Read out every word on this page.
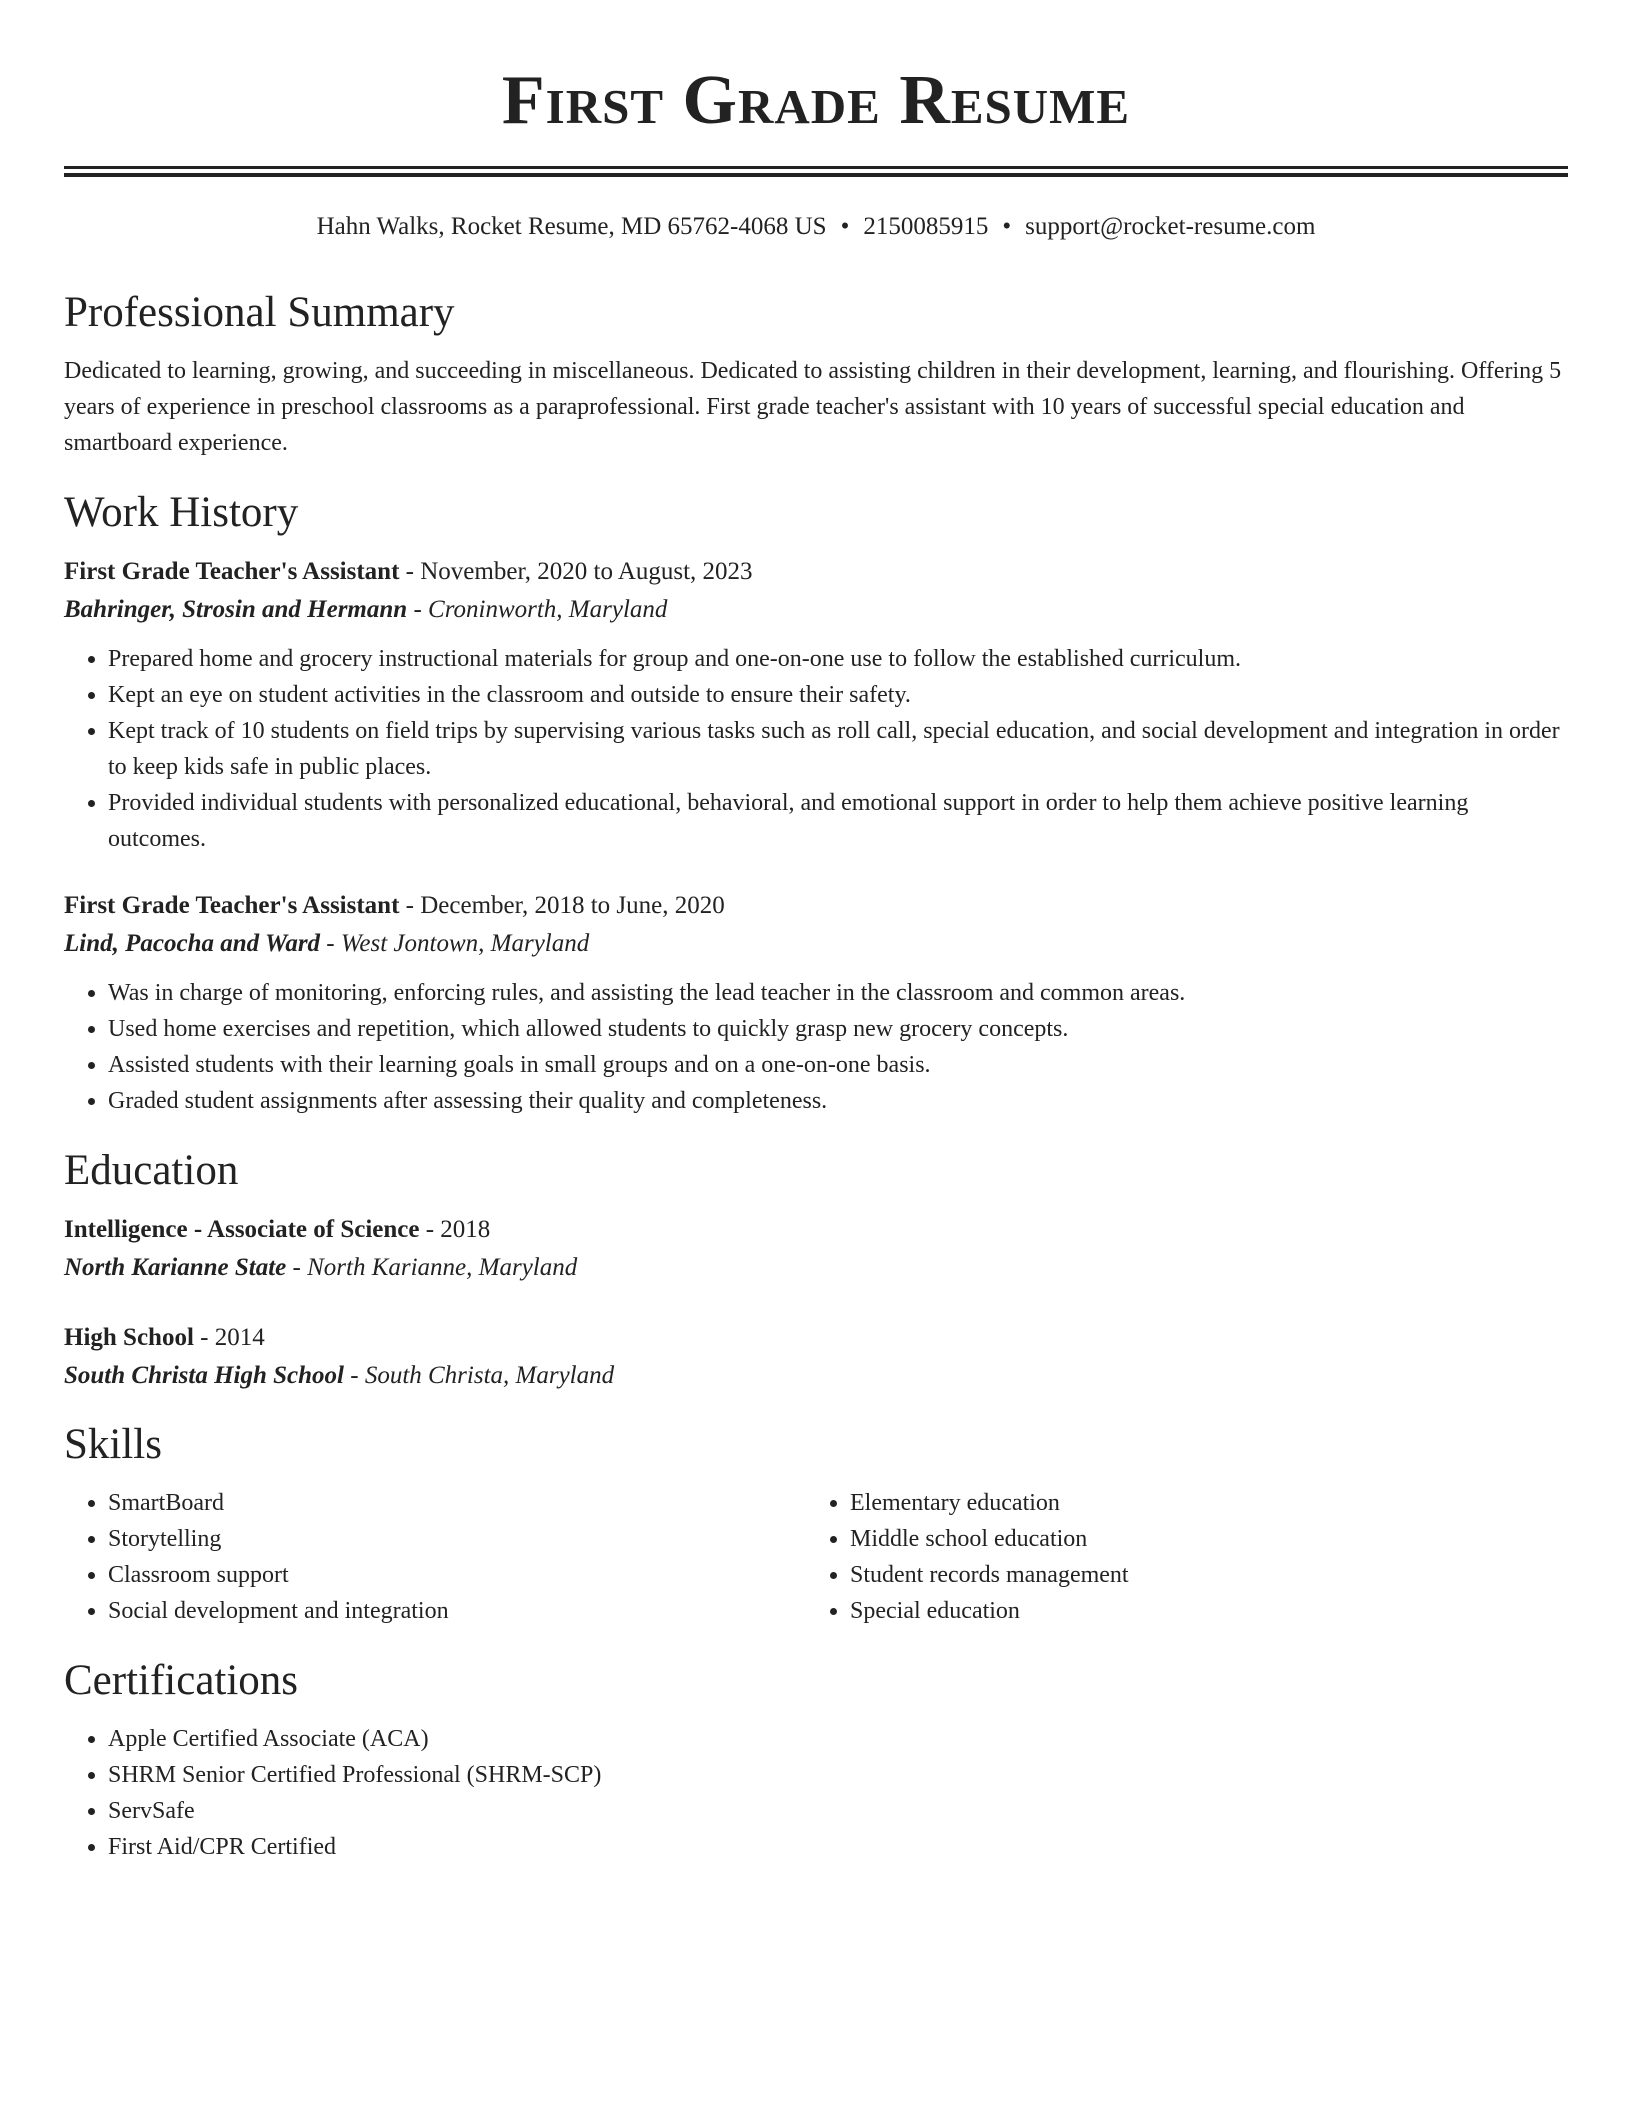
First Grade Resume
Hahn Walks, Rocket Resume, MD 65762-4068 US • 2150085915 • support@rocket-resume.com
Professional Summary

Dedicated to learning, growing, and succeeding in miscellaneous. Dedicated to assisting children in their development, learning, and flourishing. Offering 5 years of experience in preschool classrooms as a paraprofessional. First grade teacher's assistant with 10 years of successful special education and smartboard experience.

Work History

First Grade Teacher's Assistant - November, 2020 to August, 2023

Bahringer, Strosin and Hermann - Croninworth, Maryland

• Prepared home and grocery instructional materials for group and one-on-one use to follow the established curriculum.
• Kept an eye on student activities in the classroom and outside to ensure their safety.
• Kept track of 10 students on field trips by supervising various tasks such as roll call, special education, and social development and integration in order to keep kids safe in public places.
• Provided individual students with personalized educational, behavioral, and emotional support in order to help them achieve positive learning outcomes.

First Grade Teacher's Assistant - December, 2018 to June, 2020

Lind, Pacocha and Ward - West Jontown, Maryland

• Was in charge of monitoring, enforcing rules, and assisting the lead teacher in the classroom and common areas.
• Used home exercises and repetition, which allowed students to quickly grasp new grocery concepts.
• Assisted students with their learning goals in small groups and on a one-on-one basis.
• Graded student assignments after assessing their quality and completeness.
Education

Intelligence - Associate of Science - 2018

North Karianne State - North Karianne, Maryland

High School - 2014

South Christa High School - South Christa, Maryland

Skills
• SmartBoard
• Storytelling
• Classroom support
• Social development and integration
• Elementary education
• Middle school education
• Student records management
• Special education
Certifications
• Apple Certified Associate (ACA)
• SHRM Senior Certified Professional (SHRM-SCP)
• ServSafe
• First Aid/CPR Certified
